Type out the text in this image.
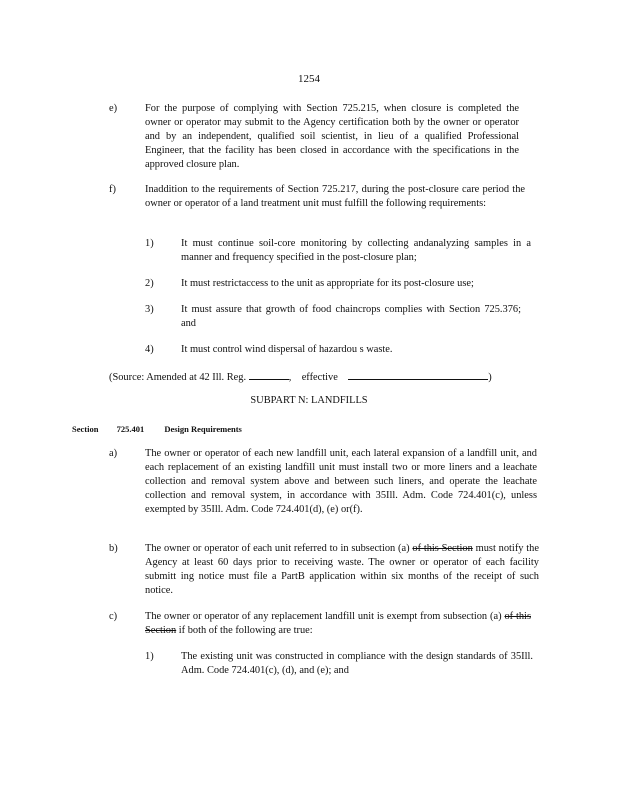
1254
e)	For the purpose of complying with Section 725.215, when closure is completed the owner or operator may submit to the Agency certification both by the owner or operator and by an independent, qualified soil scientist, in lieu of a qualified Professional Engineer, that the facility has been closed in accordance with the specifications in the approved closure plan.
f)	Inaddition to the requirements of Section 725.217, during the post-closure care period the owner or operator of a land treatment unit must fulfill the following requirements:
1)	It must continue soil-core monitoring by collecting andanalyzing samples in a manner and frequency specified in the post-closure plan;
2)	It must restrictaccess to the unit as appropriate for its post-closure use;
3)	It must assure that growth of food chaincrops complies with Section 725.376; and
4)	It must control wind dispersal of hazardou s waste.
(Source: Amended at 42 Ill. Reg.	, effective	)
SUBPART N: LANDFILLS
Section 725.401 Design Requirements
a)	The owner or operator of each new landfill unit, each lateral expansion of a landfill unit, and each replacement of an existing landfill unit must install two or more liners and a leachate collection and removal system above and between such liners, and operate the leachate collection and removal system, in accordance with 35Ill. Adm. Code 724.401(c), unless exempted by 35Ill. Adm. Code 724.401(d), (e) or(f).
b)	The owner or operator of each unit referred to in subsection (a) of this Section must notify the Agency at least 60 days prior to receiving waste. The owner or operator of each facility submitt ing notice must file a PartB application within six months of the receipt of such notice.
c)	The owner or operator of any replacement landfill unit is exempt from subsection (a) of this Section if both of the following are true:
1)	The existing unit was constructed in compliance with the design standards of 35Ill. Adm. Code 724.401(c), (d), and (e); and
